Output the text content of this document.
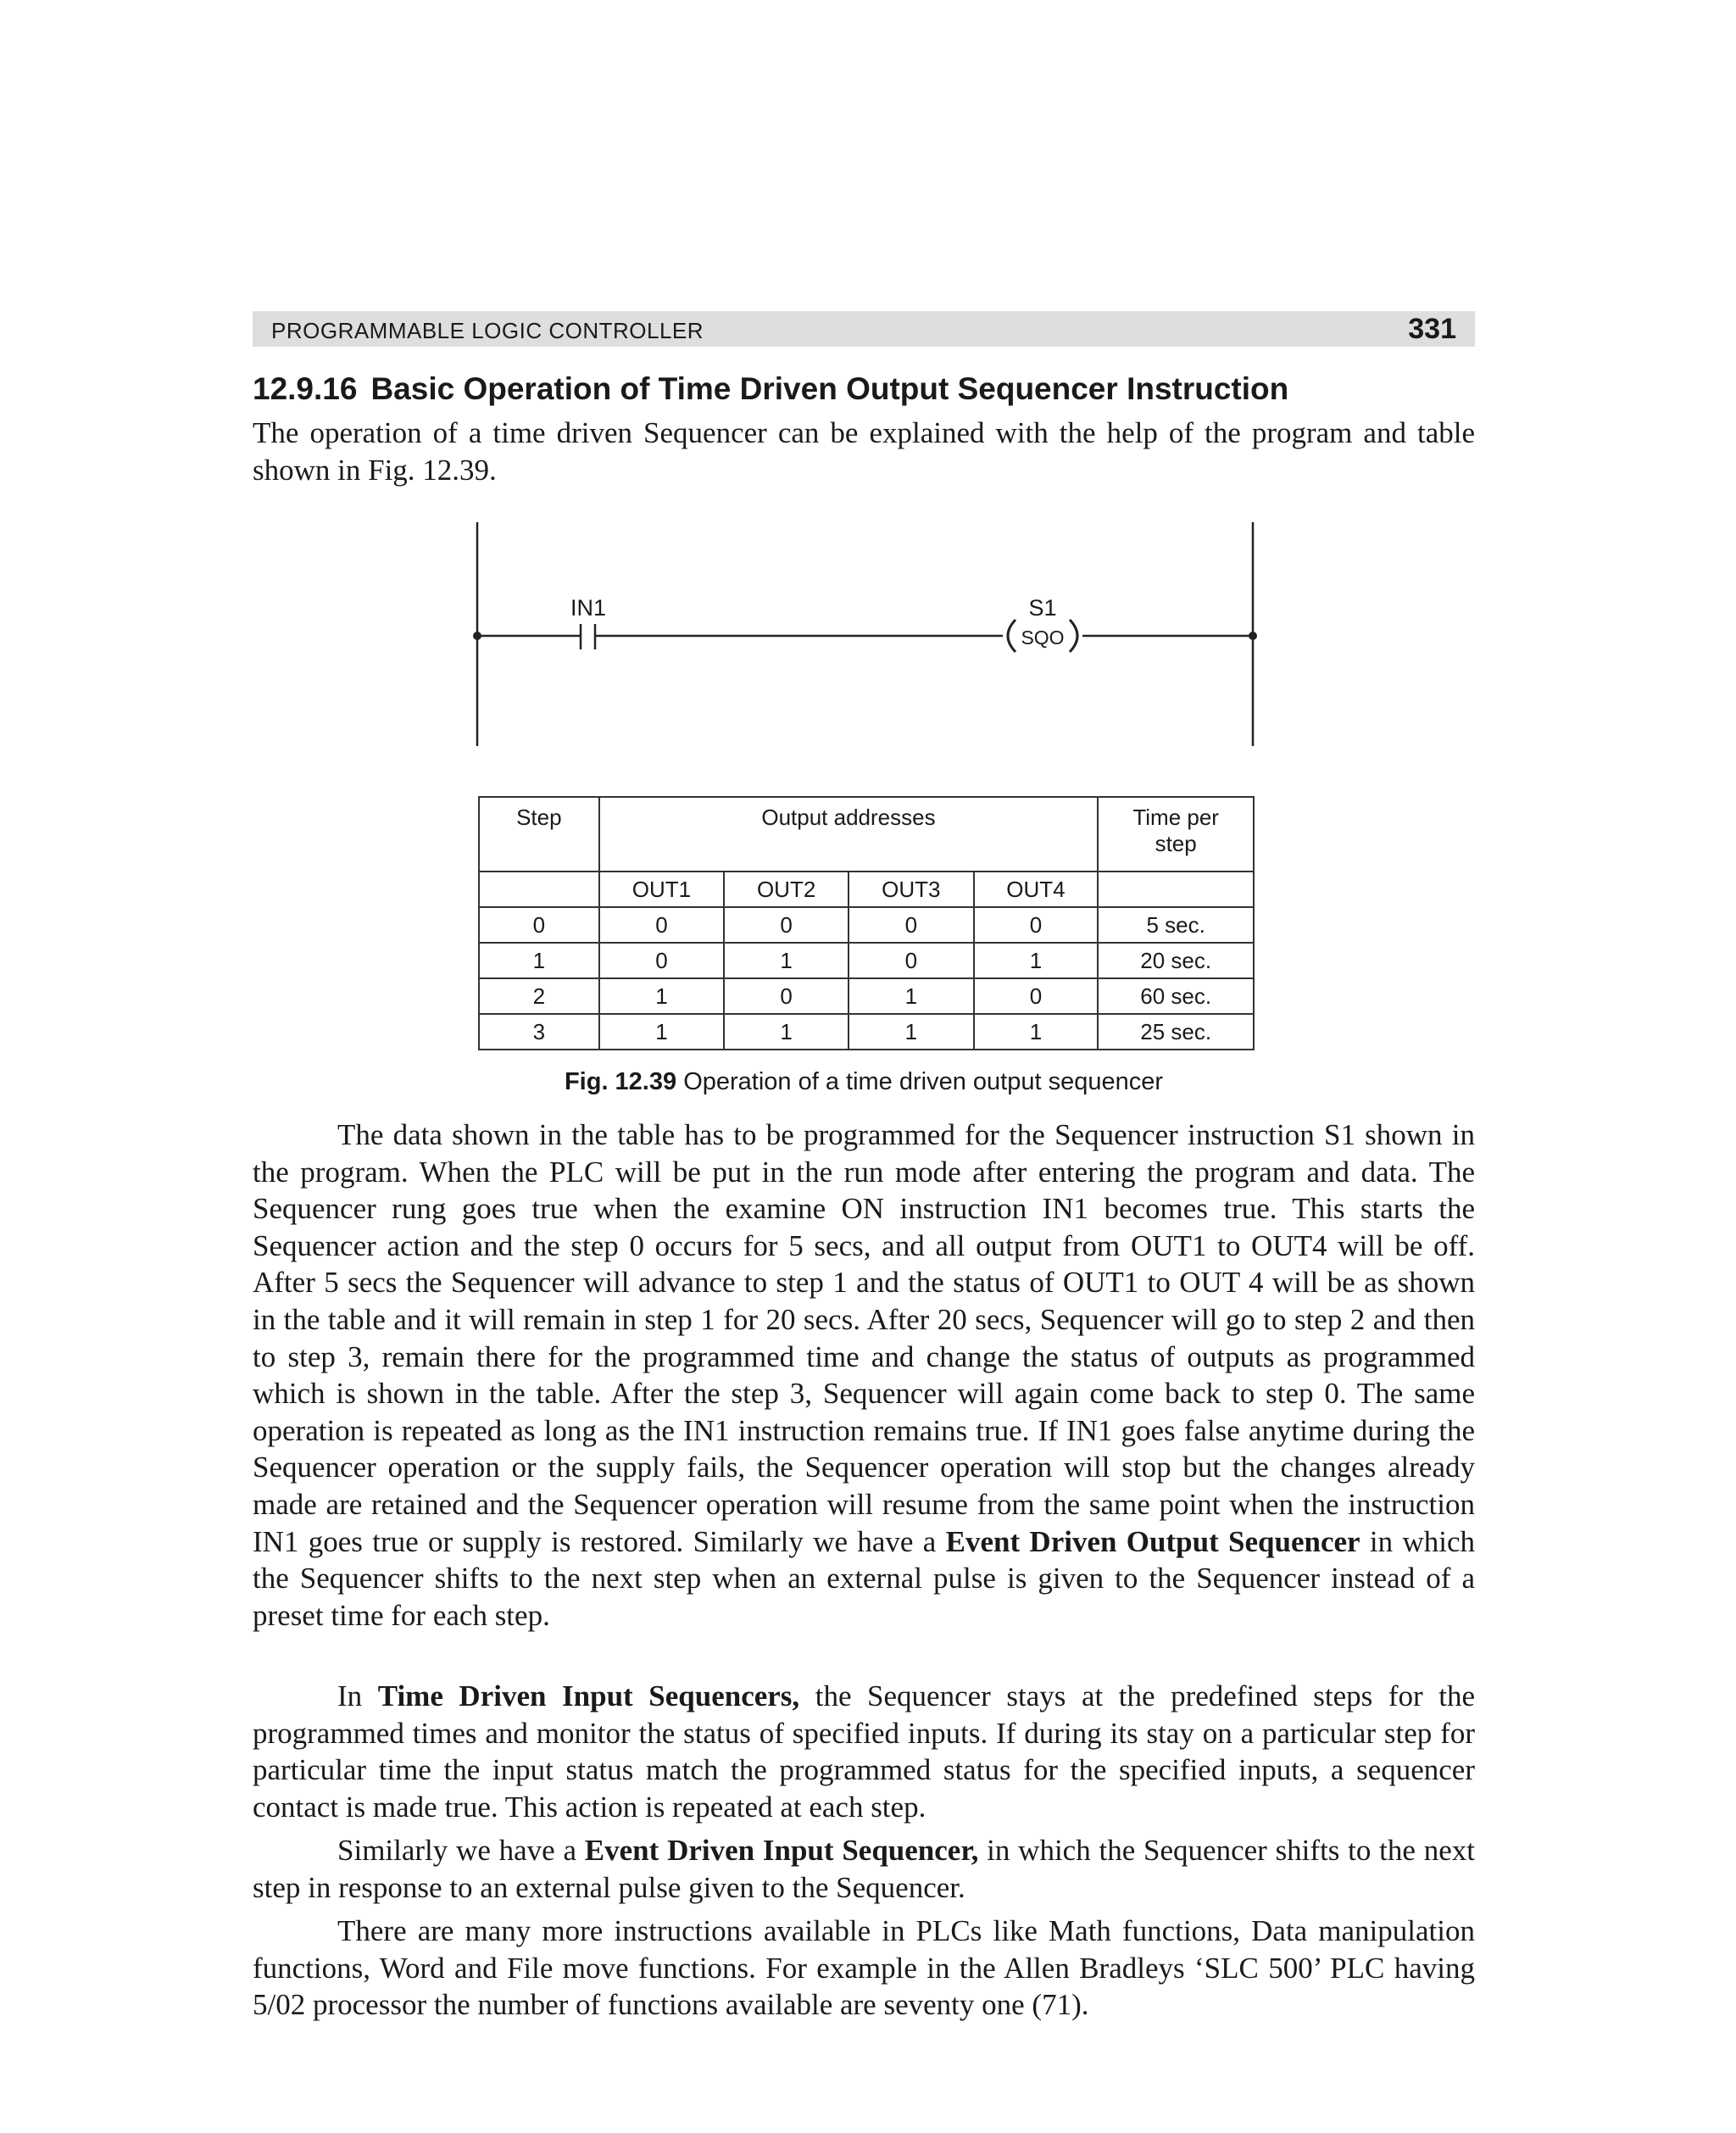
PROGRAMMABLE LOGIC CONTROLLER	331
12.9.16 Basic Operation of Time Driven Output Sequencer Instruction

The operation of a time driven Sequencer can be explained with the help of the program and table shown in Fig. 12.39.

IN1	S1
SQO
Step	Output addresses				Time per step
	OUT1	OUT2	OUT3	OUT4	
0	0	0	0	0	5 sec.
1	0	1	0	1	20 sec.
2	1	0	1	0	60 sec.
3	1	1	1	1	25 sec.
Fig. 12.39 Operation of a time driven output sequencer

The data shown in the table has to be programmed for the Sequencer instruction S1 shown in the program. When the PLC will be put in the run mode after entering the program and data. The Sequencer rung goes true when the examine ON instruction IN1 becomes true. This starts the Sequencer action and the step 0 occurs for 5 secs, and all output from OUT1 to OUT4 will be off. After 5 secs the Sequencer will advance to step 1 and the status of OUT1 to OUT 4 will be as shown in the table and it will remain in step 1 for 20 secs. After 20 secs, Sequencer will go to step 2 and then to step 3, remain there for the programmed time and change the status of outputs as programmed which is shown in the table. After the step 3, Sequencer will again come back to step 0. The same operation is repeated as long as the IN1 instruction remains true. If IN1 goes false anytime during the Sequencer operation or the supply fails, the Sequencer operation will stop but the changes already made are retained and the Sequencer operation will resume from the same point when the instruction IN1 goes true or supply is restored. Similarly we have a Event Driven Output Sequencer in which the Sequencer shifts to the next step when an external pulse is given to the Sequencer instead of a preset time for each step.

In Time Driven Input Sequencers, the Sequencer stays at the predefined steps for the programmed times and monitor the status of specified inputs. If during its stay on a particular step for particular time the input status match the programmed status for the specified inputs, a sequencer contact is made true. This action is repeated at each step.

Similarly we have a Event Driven Input Sequencer, in which the Sequencer shifts to the next step in response to an external pulse given to the Sequencer.

There are many more instructions available in PLCs like Math functions, Data manipulation functions, Word and File move functions. For example in the Allen Bradleys ‘SLC 500’ PLC having 5/02 processor the number of functions available are seventy one (71).
